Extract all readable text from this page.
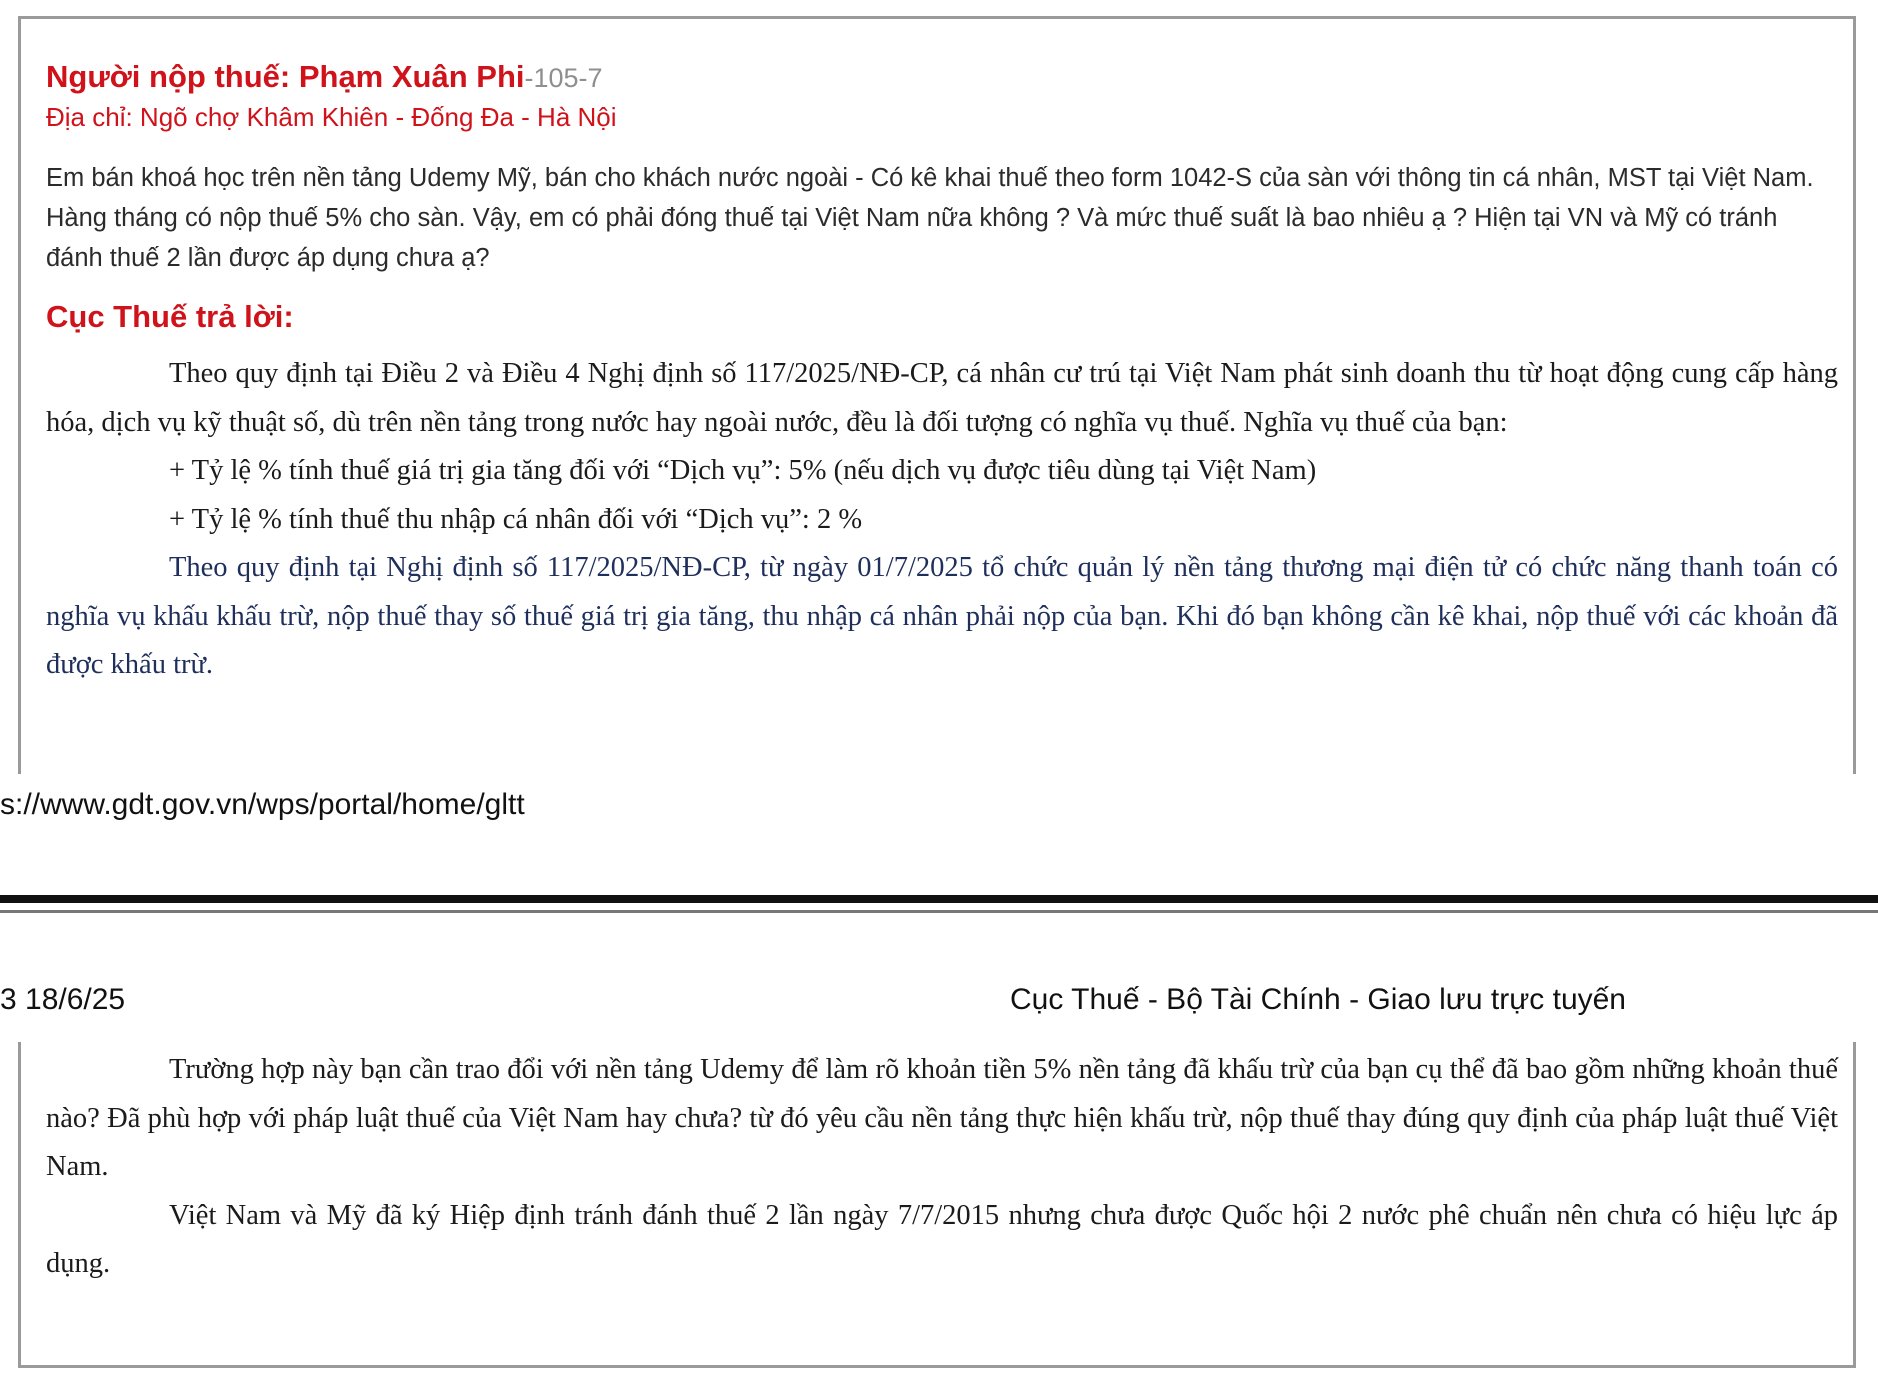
Người nộp thuế: Phạm Xuân Phi-105-7

Địa chỉ: Ngõ chợ Khâm Khiên - Đống Đa - Hà Nội

Em bán khoá học trên nền tảng Udemy Mỹ, bán cho khách nước ngoài - Có kê khai thuế theo form 1042-S của sàn với thông tin cá nhân, MST tại Việt Nam. Hàng tháng có nộp thuế 5% cho sàn. Vậy, em có phải đóng thuế tại Việt Nam nữa không ? Và mức thuế suất là bao nhiêu ạ ? Hiện tại VN và Mỹ có tránh đánh thuế 2 lần được áp dụng chưa ạ?
Cục Thuế trả lời:

Theo quy định tại Điều 2 và Điều 4 Nghị định số 117/2025/NĐ-CP, cá nhân cư trú tại Việt Nam phát sinh doanh thu từ hoạt động cung cấp hàng hóa, dịch vụ kỹ thuật số, dù trên nền tảng trong nước hay ngoài nước, đều là đối tượng có nghĩa vụ thuế. Nghĩa vụ thuế của bạn:

+ Tỷ lệ % tính thuế giá trị gia tăng đối với “Dịch vụ”: 5% (nếu dịch vụ được tiêu dùng tại Việt Nam)

+ Tỷ lệ % tính thuế thu nhập cá nhân đối với “Dịch vụ”: 2 %

Theo quy định tại Nghị định số 117/2025/NĐ-CP, từ ngày 01/7/2025 tổ chức quản lý nền tảng thương mại điện tử có chức năng thanh toán có nghĩa vụ khấu khấu trừ, nộp thuế thay số thuế giá trị gia tăng, thu nhập cá nhân phải nộp của bạn. Khi đó bạn không cần kê khai, nộp thuế với các khoản đã được khấu trừ.

s://www.gdt.gov.vn/wps/portal/home/gltt
3 18/6/25	Cục Thuế - Bộ Tài Chính - Giao lưu trực tuyến

Trường hợp này bạn cần trao đổi với nền tảng Udemy để làm rõ khoản tiền 5% nền tảng đã khấu trừ của bạn cụ thể đã bao gồm những khoản thuế nào? Đã phù hợp với pháp luật thuế của Việt Nam hay chưa? từ đó yêu cầu nền tảng thực hiện khấu trừ, nộp thuế thay đúng quy định của pháp luật thuế Việt Nam.

Việt Nam và Mỹ đã ký Hiệp định tránh đánh thuế 2 lần ngày 7/7/2015 nhưng chưa được Quốc hội 2 nước phê chuẩn nên chưa có hiệu lực áp dụng.
